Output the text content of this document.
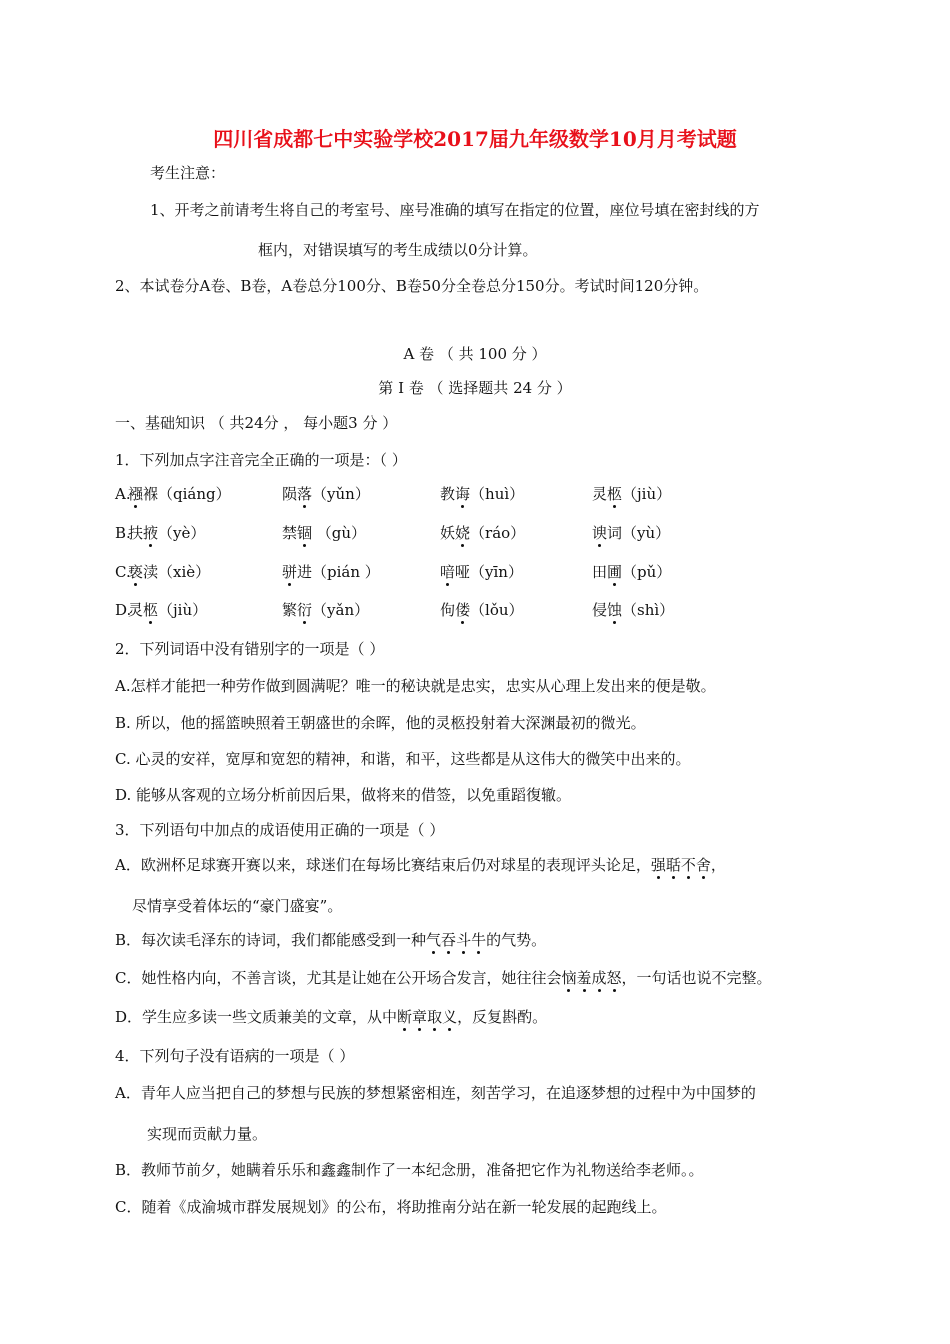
四川省成都七中实验学校2017届九年级数学10月月考试题
考生注意：
1、开考之前请考生将自己的考室号、座号准确的填写在指定的位置，座位号填在密封线的方
框内，对错误填写的考生成绩以0分计算。
2、本试卷分A卷、B卷，A卷总分100分、B卷50分全卷总分150分。考试时间120分钟。
A 卷 （ 共 100 分 ）
第 I 卷 （ 选择题共 24 分 ）
一、基础知识 （ 共24分 ， 每小题3 分 ）
1．下列加点字注音完全正确的一项是：（ ）
A.
襁褓（qiáng）	陨落（yǔn）	教诲（huì）	灵柩（jiù）
B.
扶掖（yè）	禁锢 （gù）	妖娆（ráo）	谀词（yù）
C.
亵渎（xiè）	骈进（pián ）	喑哑（yīn）	田圃（pǔ）
D.
灵柩（jiù）	繁衍（yǎn）	佝偻（lǒu）	侵蚀（shì）
2．下列词语中没有错别字的一项是（ ）
A.怎样才能把一种劳作做到圆满呢？唯一的秘诀就是忠实，忠实从心理上发出来的便是敬。
B. 所以，他的摇篮映照着王朝盛世的余晖，他的灵柩投射着大深渊最初的微光。
C. 心灵的安祥，宽厚和宽恕的精神，和谐，和平，这些都是从这伟大的微笑中出来的。
D. 能够从客观的立场分析前因后果，做将来的借签，以免重蹈復辙。
3．下列语句中加点的成语使用正确的一项是（ ）
A．欧洲杯足球赛开赛以来，球迷们在每场比赛结束后仍对球星的表现评头论足，强聒不舍，
尽情享受着体坛的“豪门盛宴”。
B．每次读毛泽东的诗词，我们都能感受到一种气吞斗牛的气势。
C．她性格内向，不善言谈，尤其是让她在公开场合发言，她往往会恼羞成怒，一句话也说不完整。
D．学生应多读一些文质兼美的文章，从中断章取义，反复斟酌。
4．下列句子没有语病的一项是（ ）
A．青年人应当把自己的梦想与民族的梦想紧密相连，刻苦学习，在追逐梦想的过程中为中国梦的
实现而贡献力量。
B．教师节前夕，她瞒着乐乐和鑫鑫制作了一本纪念册，准备把它作为礼物送给李老师。。
C．随着《成渝城市群发展规划》的公布，将助推南分站在新一轮发展的起跑线上。
